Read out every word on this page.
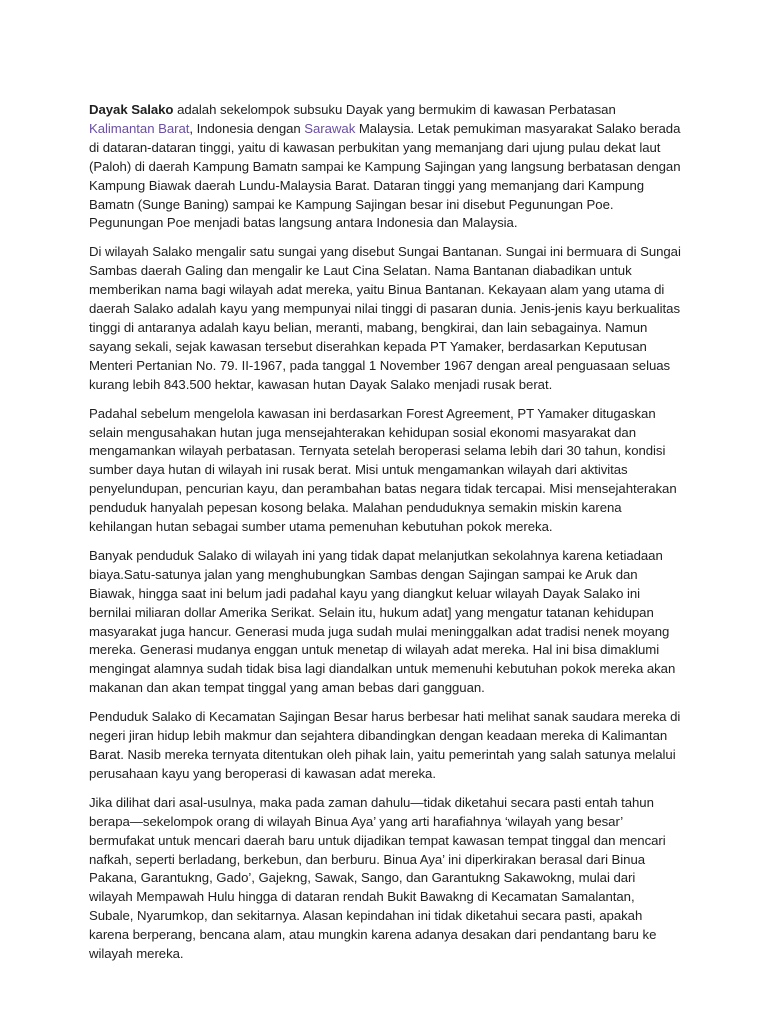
Dayak Salako adalah sekelompok subsuku Dayak yang bermukim di kawasan Perbatasan Kalimantan Barat, Indonesia dengan Sarawak Malaysia. Letak pemukiman masyarakat Salako berada di dataran-dataran tinggi, yaitu di kawasan perbukitan yang memanjang dari ujung pulau dekat laut (Paloh) di daerah Kampung Bamatn sampai ke Kampung Sajingan yang langsung berbatasan dengan Kampung Biawak daerah Lundu-Malaysia Barat. Dataran tinggi yang memanjang dari Kampung Bamatn (Sunge Baning) sampai ke Kampung Sajingan besar ini disebut Pegunungan Poe. Pegunungan Poe menjadi batas langsung antara Indonesia dan Malaysia.

Di wilayah Salako mengalir satu sungai yang disebut Sungai Bantanan. Sungai ini bermuara di Sungai Sambas daerah Galing dan mengalir ke Laut Cina Selatan. Nama Bantanan diabadikan untuk memberikan nama bagi wilayah adat mereka, yaitu Binua Bantanan. Kekayaan alam yang utama di daerah Salako adalah kayu yang mempunyai nilai tinggi di pasaran dunia. Jenis-jenis kayu berkualitas tinggi di antaranya adalah kayu belian, meranti, mabang, bengkirai, dan lain sebagainya. Namun sayang sekali, sejak kawasan tersebut diserahkan kepada PT Yamaker, berdasarkan Keputusan Menteri Pertanian No. 79. II-1967, pada tanggal 1 November 1967 dengan areal penguasaan seluas kurang lebih 843.500 hektar, kawasan hutan Dayak Salako menjadi rusak berat.

Padahal sebelum mengelola kawasan ini berdasarkan Forest Agreement, PT Yamaker ditugaskan selain mengusahakan hutan juga mensejahterakan kehidupan sosial ekonomi masyarakat dan mengamankan wilayah perbatasan. Ternyata setelah beroperasi selama lebih dari 30 tahun, kondisi sumber daya hutan di wilayah ini rusak berat. Misi untuk mengamankan wilayah dari aktivitas penyelundupan, pencurian kayu, dan perambahan batas negara tidak tercapai. Misi mensejahterakan penduduk hanyalah pepesan kosong belaka. Malahan penduduknya semakin miskin karena kehilangan hutan sebagai sumber utama pemenuhan kebutuhan pokok mereka.

Banyak penduduk Salako di wilayah ini yang tidak dapat melanjutkan sekolahnya karena ketiadaan biaya.Satu-satunya jalan yang menghubungkan Sambas dengan Sajingan sampai ke Aruk dan Biawak, hingga saat ini belum jadi padahal kayu yang diangkut keluar wilayah Dayak Salako ini bernilai miliaran dollar Amerika Serikat. Selain itu, hukum adat] yang mengatur tatanan kehidupan masyarakat juga hancur. Generasi muda juga sudah mulai meninggalkan adat tradisi nenek moyang mereka. Generasi mudanya enggan untuk menetap di wilayah adat mereka. Hal ini bisa dimaklumi mengingat alamnya sudah tidak bisa lagi diandalkan untuk memenuhi kebutuhan pokok mereka akan makanan dan akan tempat tinggal yang aman bebas dari gangguan.

Penduduk Salako di Kecamatan Sajingan Besar harus berbesar hati melihat sanak saudara mereka di negeri jiran hidup lebih makmur dan sejahtera dibandingkan dengan keadaan mereka di Kalimantan Barat. Nasib mereka ternyata ditentukan oleh pihak lain, yaitu pemerintah yang salah satunya melalui perusahaan kayu yang beroperasi di kawasan adat mereka.

Jika dilihat dari asal-usulnya, maka pada zaman dahulu—tidak diketahui secara pasti entah tahun berapa—sekelompok orang di wilayah Binua Aya’ yang arti harafiahnya ‘wilayah yang besar’ bermufakat untuk mencari daerah baru untuk dijadikan tempat kawasan tempat tinggal dan mencari nafkah, seperti berladang, berkebun, dan berburu. Binua Aya’ ini diperkirakan berasal dari Binua Pakana, Garantukng, Gado’, Gajekng, Sawak, Sango, dan Garantukng Sakawokng, mulai dari wilayah Mempawah Hulu hingga di dataran rendah Bukit Bawakng di Kecamatan Samalantan, Subale, Nyarumkop, dan sekitarnya. Alasan kepindahan ini tidak diketahui secara pasti, apakah karena berperang, bencana alam, atau mungkin karena adanya desakan dari pendantang baru ke wilayah mereka.
